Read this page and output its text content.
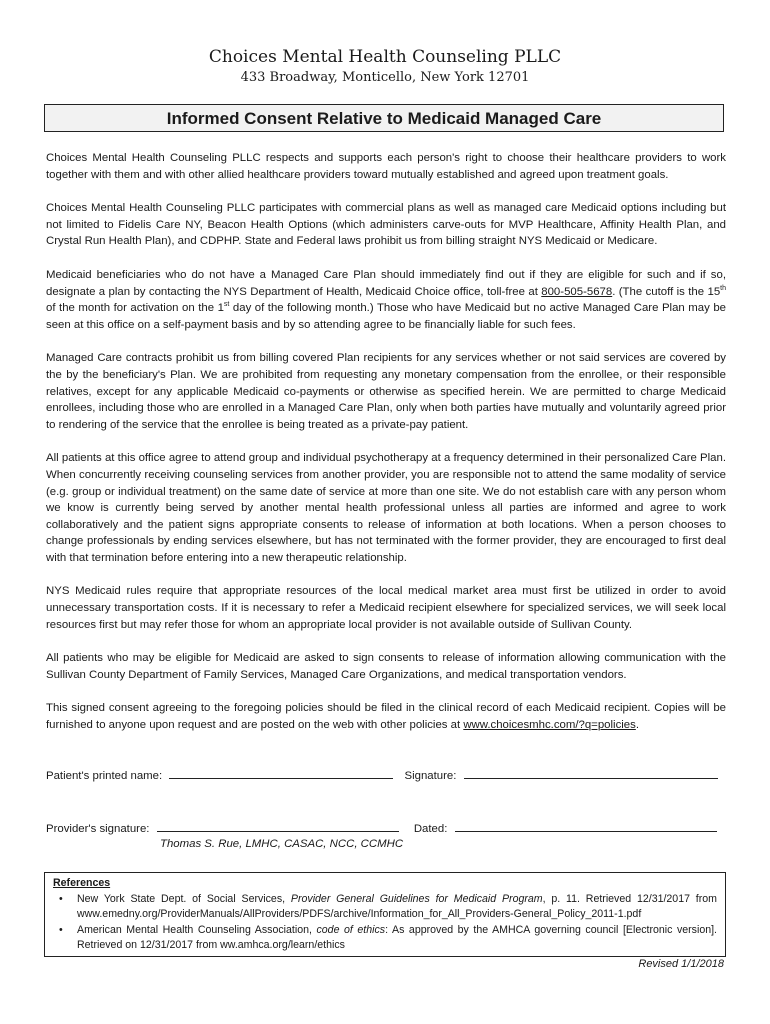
Choices Mental Health Counseling PLLC
433 Broadway, Monticello, New York 12701
Informed Consent Relative to Medicaid Managed Care

Choices Mental Health Counseling PLLC respects and supports each person's right to choose their healthcare providers to work together with them and with other allied healthcare providers toward mutually established and agreed upon treatment goals.

Choices Mental Health Counseling PLLC participates with commercial plans as well as managed care Medicaid options including but not limited to Fidelis Care NY, Beacon Health Options (which administers carve-outs for MVP Healthcare, Affinity Health Plan, and Crystal Run Health Plan), and CDPHP. State and Federal laws prohibit us from billing straight NYS Medicaid or Medicare.

Medicaid beneficiaries who do not have a Managed Care Plan should immediately find out if they are eligible for such and if so, designate a plan by contacting the NYS Department of Health, Medicaid Choice office, toll-free at 800-505-5678. (The cutoff is the 15th of the month for activation on the 1st day of the following month.) Those who have Medicaid but no active Managed Care Plan may be seen at this office on a self-payment basis and by so attending agree to be financially liable for such fees.

Managed Care contracts prohibit us from billing covered Plan recipients for any services whether or not said services are covered by the by the beneficiary's Plan. We are prohibited from requesting any monetary compensation from the enrollee, or their responsible relatives, except for any applicable Medicaid co-payments or otherwise as specified herein. We are permitted to charge Medicaid enrollees, including those who are enrolled in a Managed Care Plan, only when both parties have mutually and voluntarily agreed prior to rendering of the service that the enrollee is being treated as a private-pay patient.

All patients at this office agree to attend group and individual psychotherapy at a frequency determined in their personalized Care Plan. When concurrently receiving counseling services from another provider, you are responsible not to attend the same modality of service (e.g. group or individual treatment) on the same date of service at more than one site. We do not establish care with any person whom we know is currently being served by another mental health professional unless all parties are informed and agree to work collaboratively and the patient signs appropriate consents to release of information at both locations. When a person chooses to change professionals by ending services elsewhere, but has not terminated with the former provider, they are encouraged to first deal with that termination before entering into a new therapeutic relationship.

NYS Medicaid rules require that appropriate resources of the local medical market area must first be utilized in order to avoid unnecessary transportation costs. If it is necessary to refer a Medicaid recipient elsewhere for specialized services, we will seek local resources first but may refer those for whom an appropriate local provider is not available outside of Sullivan County.

All patients who may be eligible for Medicaid are asked to sign consents to release of information allowing communication with the Sullivan County Department of Family Services, Managed Care Organizations, and medical transportation vendors.

This signed consent agreeing to the foregoing policies should be filed in the clinical record of each Medicaid recipient. Copies will be furnished to anyone upon request and are posted on the web with other policies at www.choicesmhc.com/?q=policies.

Patient's printed name:	Signature:
Provider's signature:	Dated:
Thomas S. Rue, LMHC, CASAC, NCC, CCMHC
References
• New York State Dept. of Social Services, Provider General Guidelines for Medicaid Program, p. 11. Retrieved 12/31/2017 from www.emedny.org/ProviderManuals/AllProviders/PDFS/archive/Information_for_All_Providers-General_Policy_2011-1.pdf
• American Mental Health Counseling Association, code of ethics: As approved by the AMHCA governing council [Electronic version]. Retrieved on 12/31/2017 from ww.amhca.org/learn/ethics
Revised 1/1/2018
